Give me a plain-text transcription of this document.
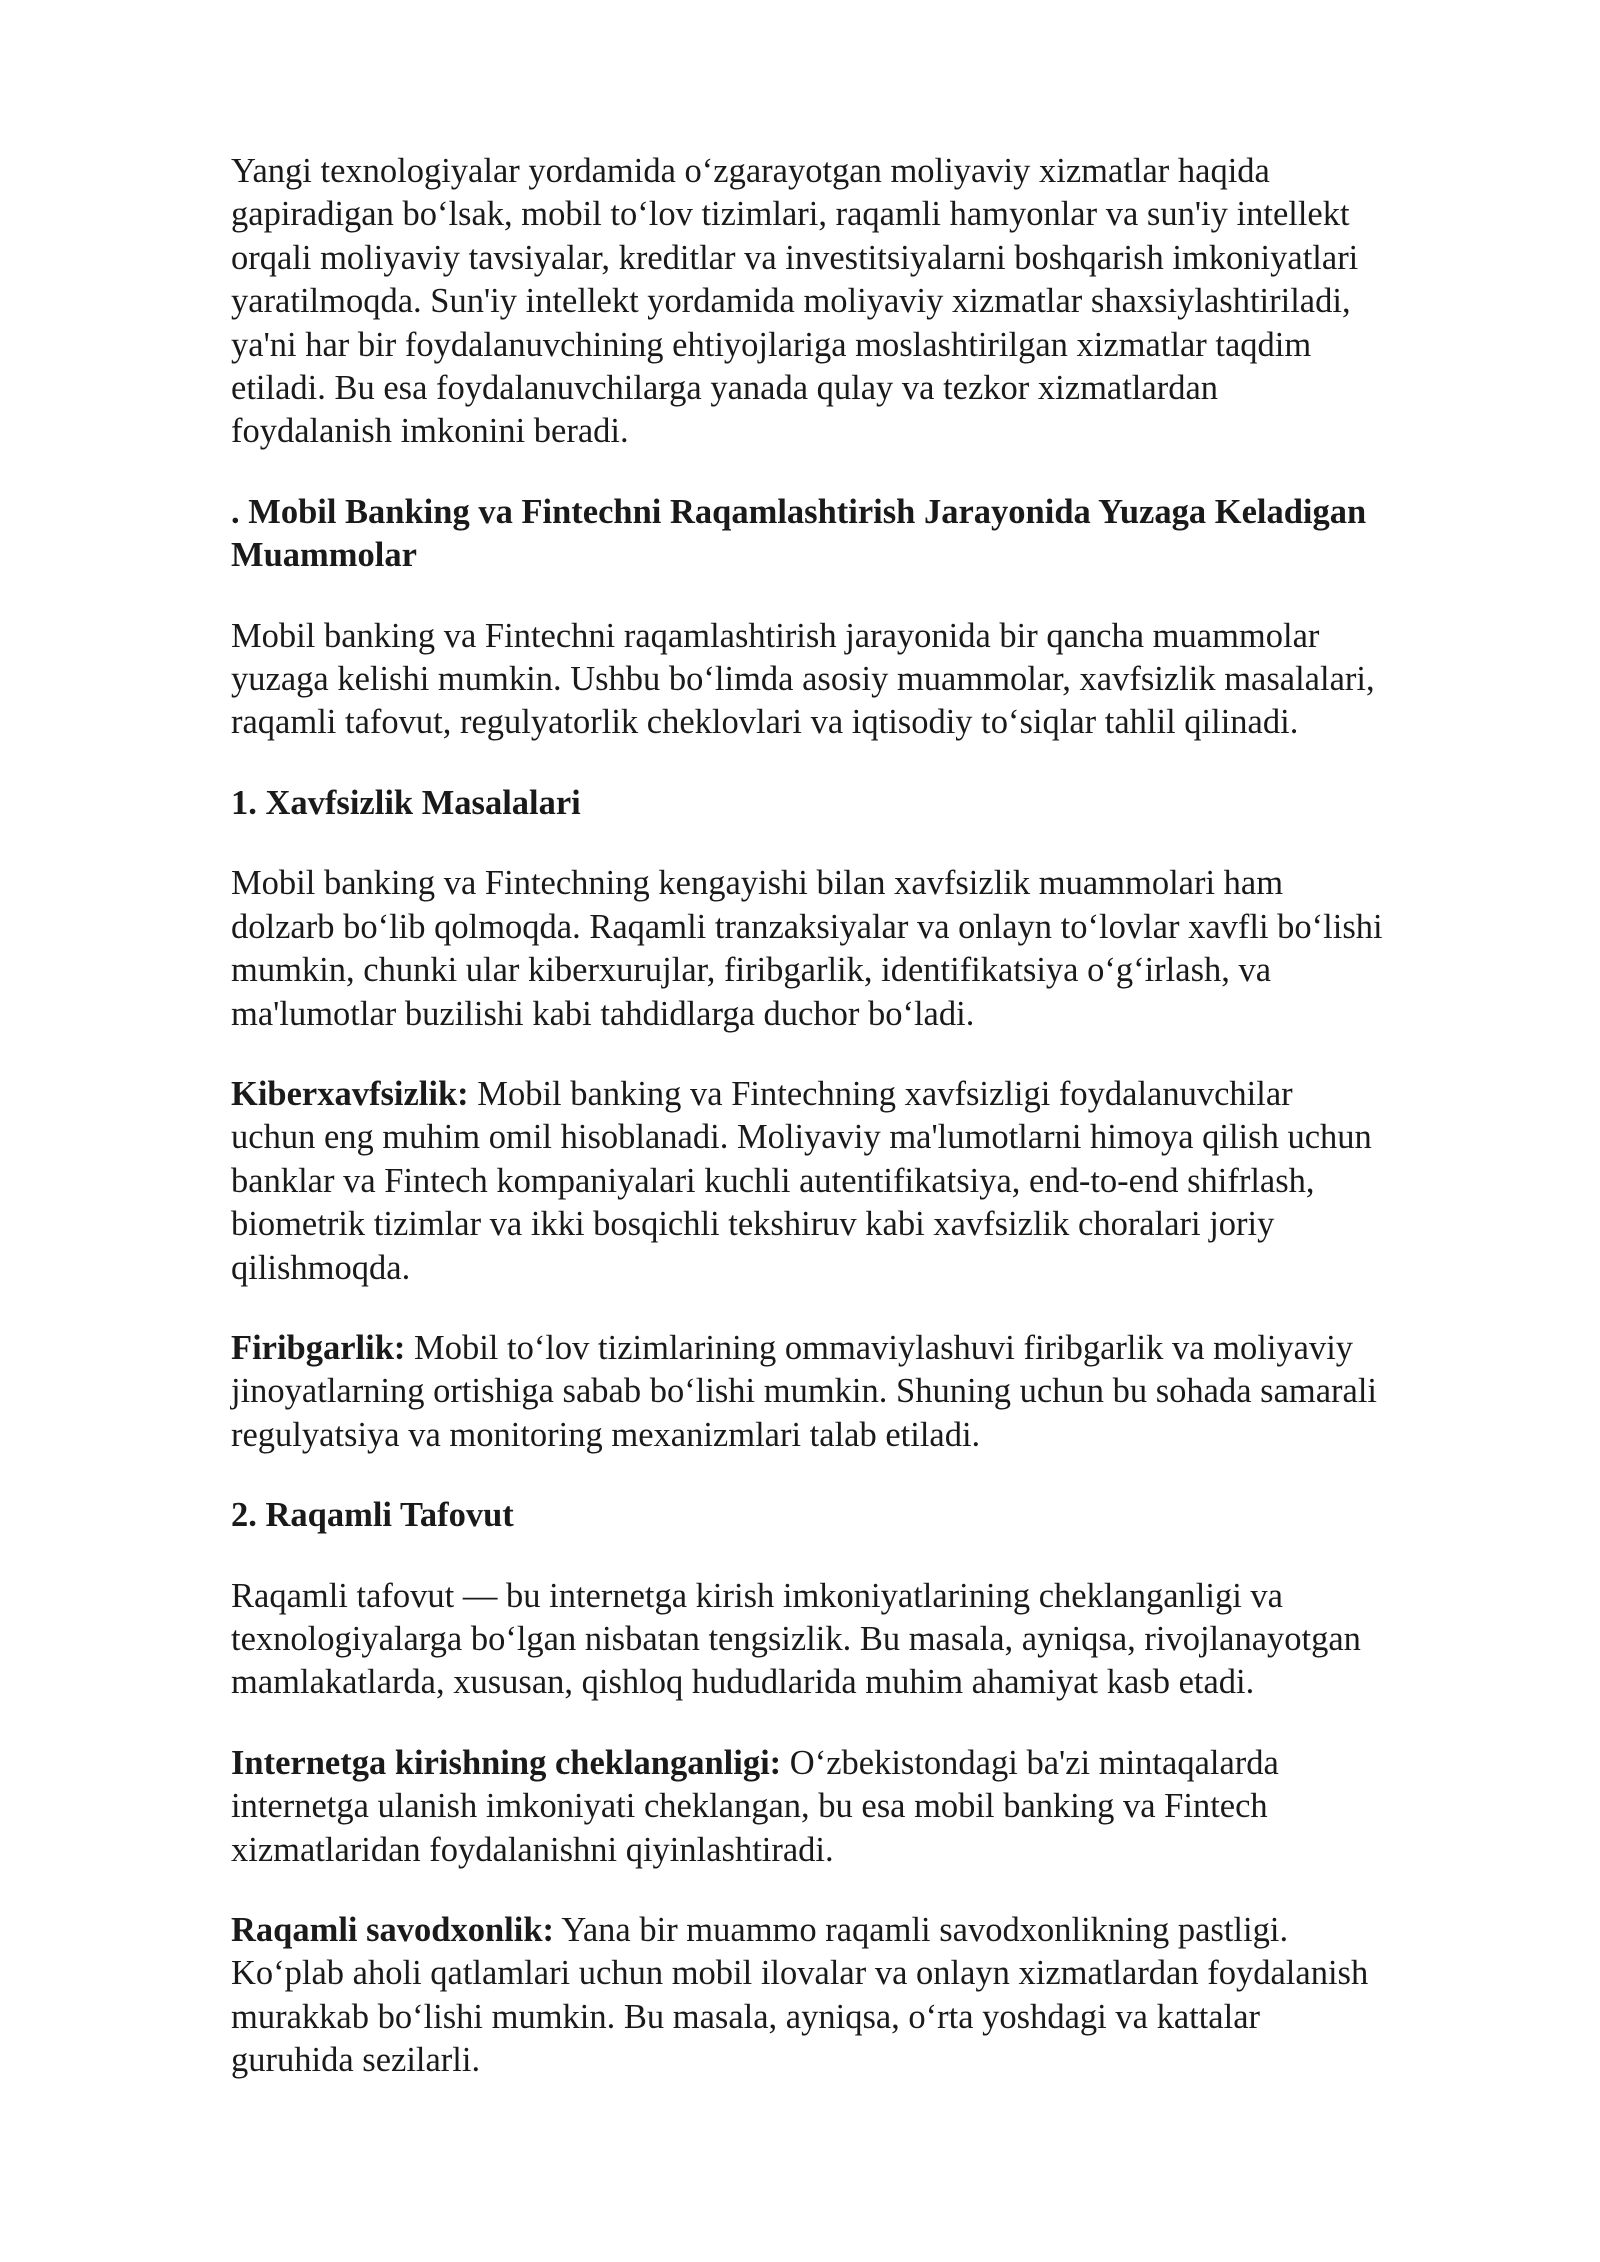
Yangi texnologiyalar yordamida oʻzgarayotgan moliyaviy xizmatlar haqida
gapiradigan boʻlsak, mobil toʻlov tizimlari, raqamli hamyonlar va sun'iy intellekt
orqali moliyaviy tavsiyalar, kreditlar va investitsiyalarni boshqarish imkoniyatlari
yaratilmoqda. Sun'iy intellekt yordamida moliyaviy xizmatlar shaxsiylashtiriladi,
ya'ni har bir foydalanuvchining ehtiyojlariga moslashtirilgan xizmatlar taqdim
etiladi. Bu esa foydalanuvchilarga yanada qulay va tezkor xizmatlardan
foydalanish imkonini beradi.

. Mobil Banking va Fintechni Raqamlashtirish Jarayonida Yuzaga Keladigan
Muammolar

Mobil banking va Fintechni raqamlashtirish jarayonida bir qancha muammolar
yuzaga kelishi mumkin. Ushbu boʻlimda asosiy muammolar, xavfsizlik masalalari,
raqamli tafovut, regulyatorlik cheklovlari va iqtisodiy toʻsiqlar tahlil qilinadi.

1. Xavfsizlik Masalalari

Mobil banking va Fintechning kengayishi bilan xavfsizlik muammolari ham
dolzarb boʻlib qolmoqda. Raqamli tranzaksiyalar va onlayn toʻlovlar xavfli boʻlishi
mumkin, chunki ular kiberxurujlar, firibgarlik, identifikatsiya oʻgʻirlash, va
ma'lumotlar buzilishi kabi tahdidlarga duchor boʻladi.

Kiberxavfsizlik: Mobil banking va Fintechning xavfsizligi foydalanuvchilar
uchun eng muhim omil hisoblanadi. Moliyaviy ma'lumotlarni himoya qilish uchun
banklar va Fintech kompaniyalari kuchli autentifikatsiya, end-to-end shifrlash,
biometrik tizimlar va ikki bosqichli tekshiruv kabi xavfsizlik choralari joriy
qilishmoqda.

Firibgarlik: Mobil toʻlov tizimlarining ommaviylashuvi firibgarlik va moliyaviy
jinoyatlarning ortishiga sabab boʻlishi mumkin. Shuning uchun bu sohada samarali
regulyatsiya va monitoring mexanizmlari talab etiladi.

2. Raqamli Tafovut

Raqamli tafovut — bu internetga kirish imkoniyatlarining cheklanganligi va
texnologiyalarga boʻlgan nisbatan tengsizlik. Bu masala, ayniqsa, rivojlanayotgan
mamlakatlarda, xususan, qishloq hududlarida muhim ahamiyat kasb etadi.

Internetga kirishning cheklanganligi: Oʻzbekistondagi ba'zi mintaqalarda
internetga ulanish imkoniyati cheklangan, bu esa mobil banking va Fintech
xizmatlaridan foydalanishni qiyinlashtiradi.

Raqamli savodxonlik: Yana bir muammo raqamli savodxonlikning pastligi.
Koʻplab aholi qatlamlari uchun mobil ilovalar va onlayn xizmatlardan foydalanish
murakkab boʻlishi mumkin. Bu masala, ayniqsa, oʻrta yoshdagi va kattalar
guruhida sezilarli.
